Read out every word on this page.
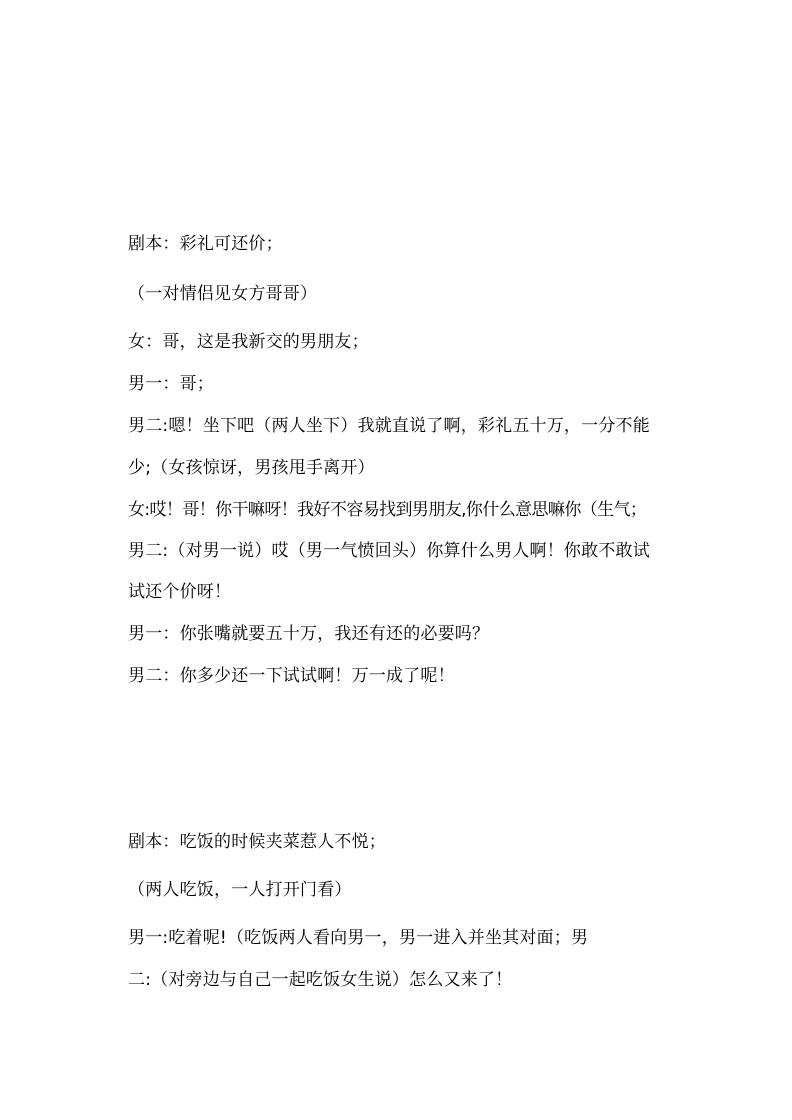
剧本：彩礼可还价；
（一对情侣见女方哥哥）
女：哥，这是我新交的男朋友；
男一：哥；
男二:嗯！坐下吧（两人坐下）我就直说了啊，彩礼五十万，一分不能
少;（女孩惊讶，男孩甩手离开）
女:哎！哥！你干嘛呀！我好不容易找到男朋友,你什么意思嘛你（生气；
男二:（对男一说）哎（男一气愤回头）你算什么男人啊！你敢不敢试
试还个价呀！
男一：你张嘴就要五十万，我还有还的必要吗？
男二：你多少还一下试试啊！万一成了呢！
剧本：吃饭的时候夹菜惹人不悦；
（两人吃饭，一人打开门看）
男一:吃着呢!（吃饭两人看向男一，男一进入并坐其对面；男
二:（对旁边与自己一起吃饭女生说）怎么又来了！
